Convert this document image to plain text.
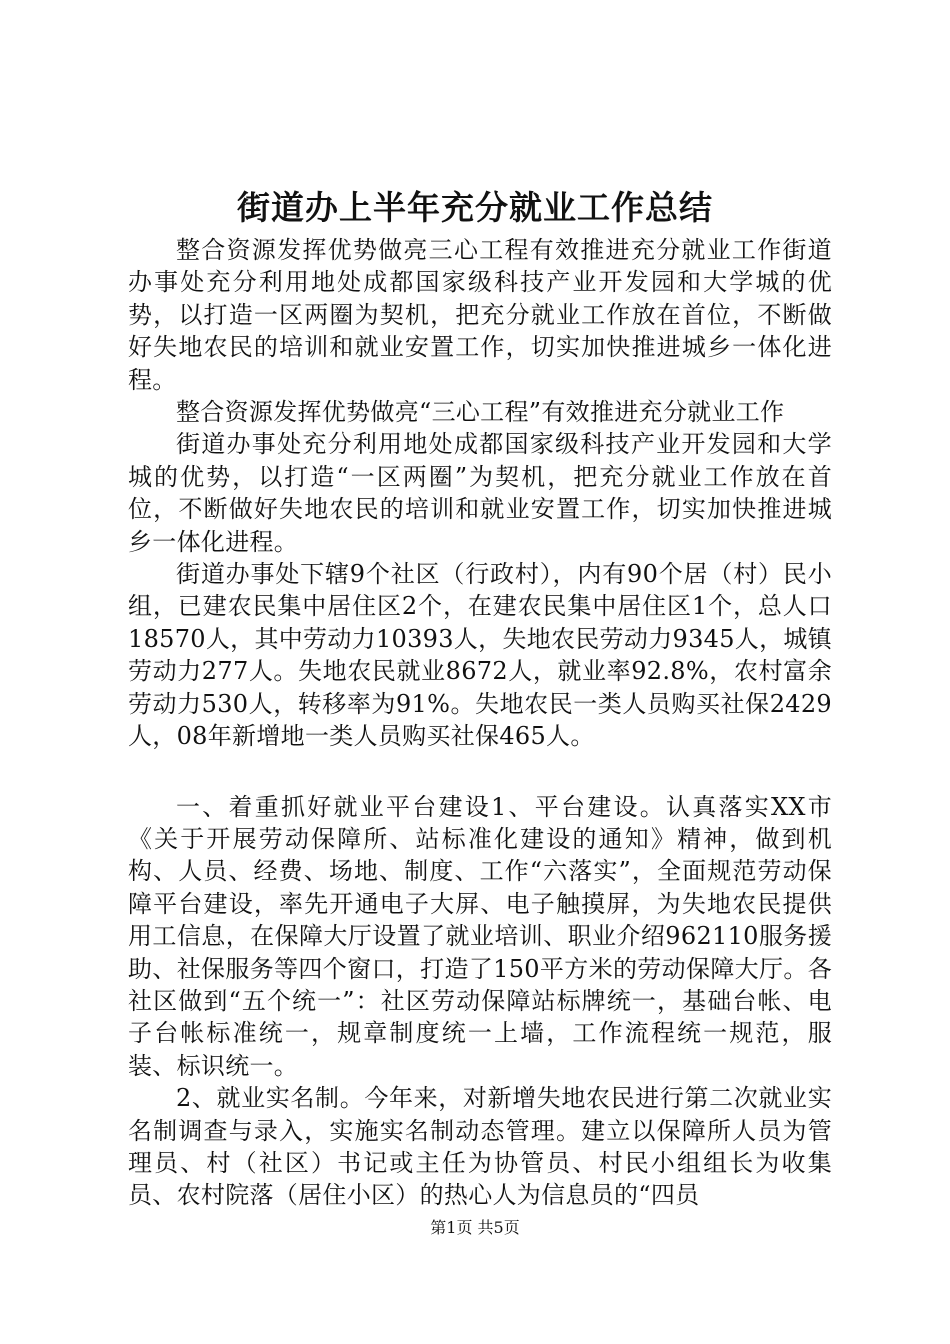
街道办上半年充分就业工作总结

整合资源发挥优势做亮三心工程有效推进充分就业工作街道办事处充分利用地处成都国家级科技产业开发园和大学城的优势，以打造一区两圈为契机，把充分就业工作放在首位，不断做好失地农民的培训和就业安置工作，切实加快推进城乡一体化进程。

整合资源发挥优势做亮“三心工程”有效推进充分就业工作

街道办事处充分利用地处成都国家级科技产业开发园和大学城的优势，以打造“一区两圈”为契机，把充分就业工作放在首位，不断做好失地农民的培训和就业安置工作，切实加快推进城乡一体化进程。

街道办事处下辖9个社区（行政村），内有90个居（村）民小组，已建农民集中居住区2个，在建农民集中居住区1个，总人口18570人，其中劳动力10393人，失地农民劳动力9345人，城镇劳动力277人。失地农民就业8672人，就业率92.8%，农村富余劳动力530人，转移率为91%。失地农民一类人员购买社保2429人，08年新增地一类人员购买社保465人。

一、着重抓好就业平台建设1、平台建设。认真落实XX市《关于开展劳动保障所、站标准化建设的通知》精神，做到机构、人员、经费、场地、制度、工作“六落实”，全面规范劳动保障平台建设，率先开通电子大屏、电子触摸屏，为失地农民提供用工信息，在保障大厅设置了就业培训、职业介绍962110服务援助、社保服务等四个窗口，打造了150平方米的劳动保障大厅。各社区做到“五个统一”：社区劳动保障站标牌统一，基础台帐、电子台帐标准统一，规章制度统一上墙，工作流程统一规范，服装、标识统一。

2、就业实名制。今年来，对新增失地农民进行第二次就业实名制调查与录入，实施实名制动态管理。建立以保障所人员为管理员、村（社区）书记或主任为协管员、村民小组组长为收集员、农村院落（居住小区）的热心人为信息员的“四员

第1页 共5页
